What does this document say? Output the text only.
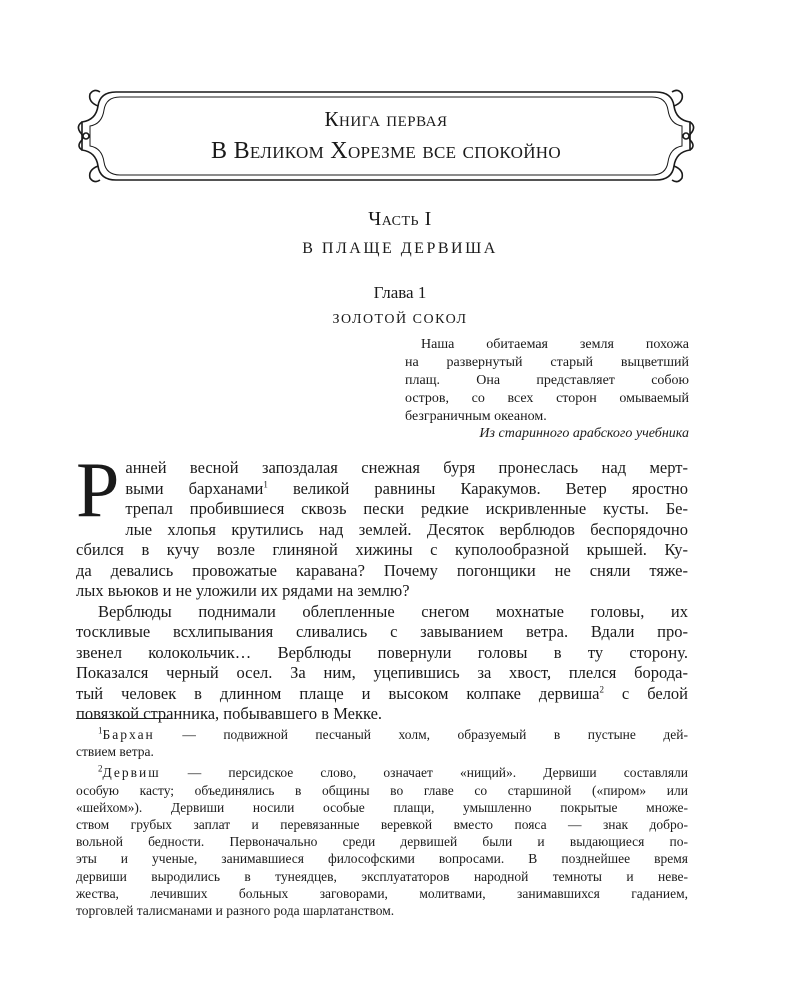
Книга первая
В Великом Хорезме все спокойно
Часть I
В ПЛАЩЕ ДЕРВИША
Глава 1
ЗОЛОТОЙ СОКОЛ
Наша обитаемая земля похожа
на развернутый старый выцветший
плащ. Она представляет собою
остров, со всех сторон омываемый
безграничным океаном.
Из старинного арабского учебника
Р анней весной запоздалая снежная буря пронеслась над мерт-
выми барханами$^1$ великой равнины Каракумов. Ветер яростно
трепал пробившиеся сквозь пески редкие искривленные кусты. Бе-
лые хлопья крутились над землей. Десяток верблюдов беспорядочно
сбился в кучу возле глиняной хижины с куполообразной крышей. Ку-
да девались провожатые каравана? Почему погонщики не сняли тяже-
лых вьюков и не уложили их рядами на землю?
Верблюды поднимали облепленные снегом мохнатые головы, их
тоскливые всхлипывания сливались с завыванием ветра. Вдали про-
звенел колокольчик… Верблюды повернули головы в ту сторону.
Показался черный осел. За ним, уцепившись за хвост, плелся борода-
тый человек в длинном плаще и высоком колпаке дервиша$^2$ с белой
повязкой странника, побывавшего в Мекке.
$^1$Бархан — подвижной песчаный холм, образуемый в пустыне дей-
ствием ветра.
$^2$Дервиш — персидское слово, означает «нищий». Дервиши составляли
особую касту; объединялись в общины во главе со старшиной («пиром» или
«шейхом»). Дервиши носили особые плащи, умышленно покрытые множе-
ством грубых заплат и перевязанные веревкой вместо пояса — знак добро-
вольной бедности. Первоначально среди дервишей были и выдающиеся по-
эты и ученые, занимавшиеся философскими вопросами. В позднейшее время
дервиши выродились в тунеядцев, эксплуататоров народной темноты и неве-
жества, лечивших больных заговорами, молитвами, занимавшихся гаданием,
торговлей талисманами и разного рода шарлатанством.
